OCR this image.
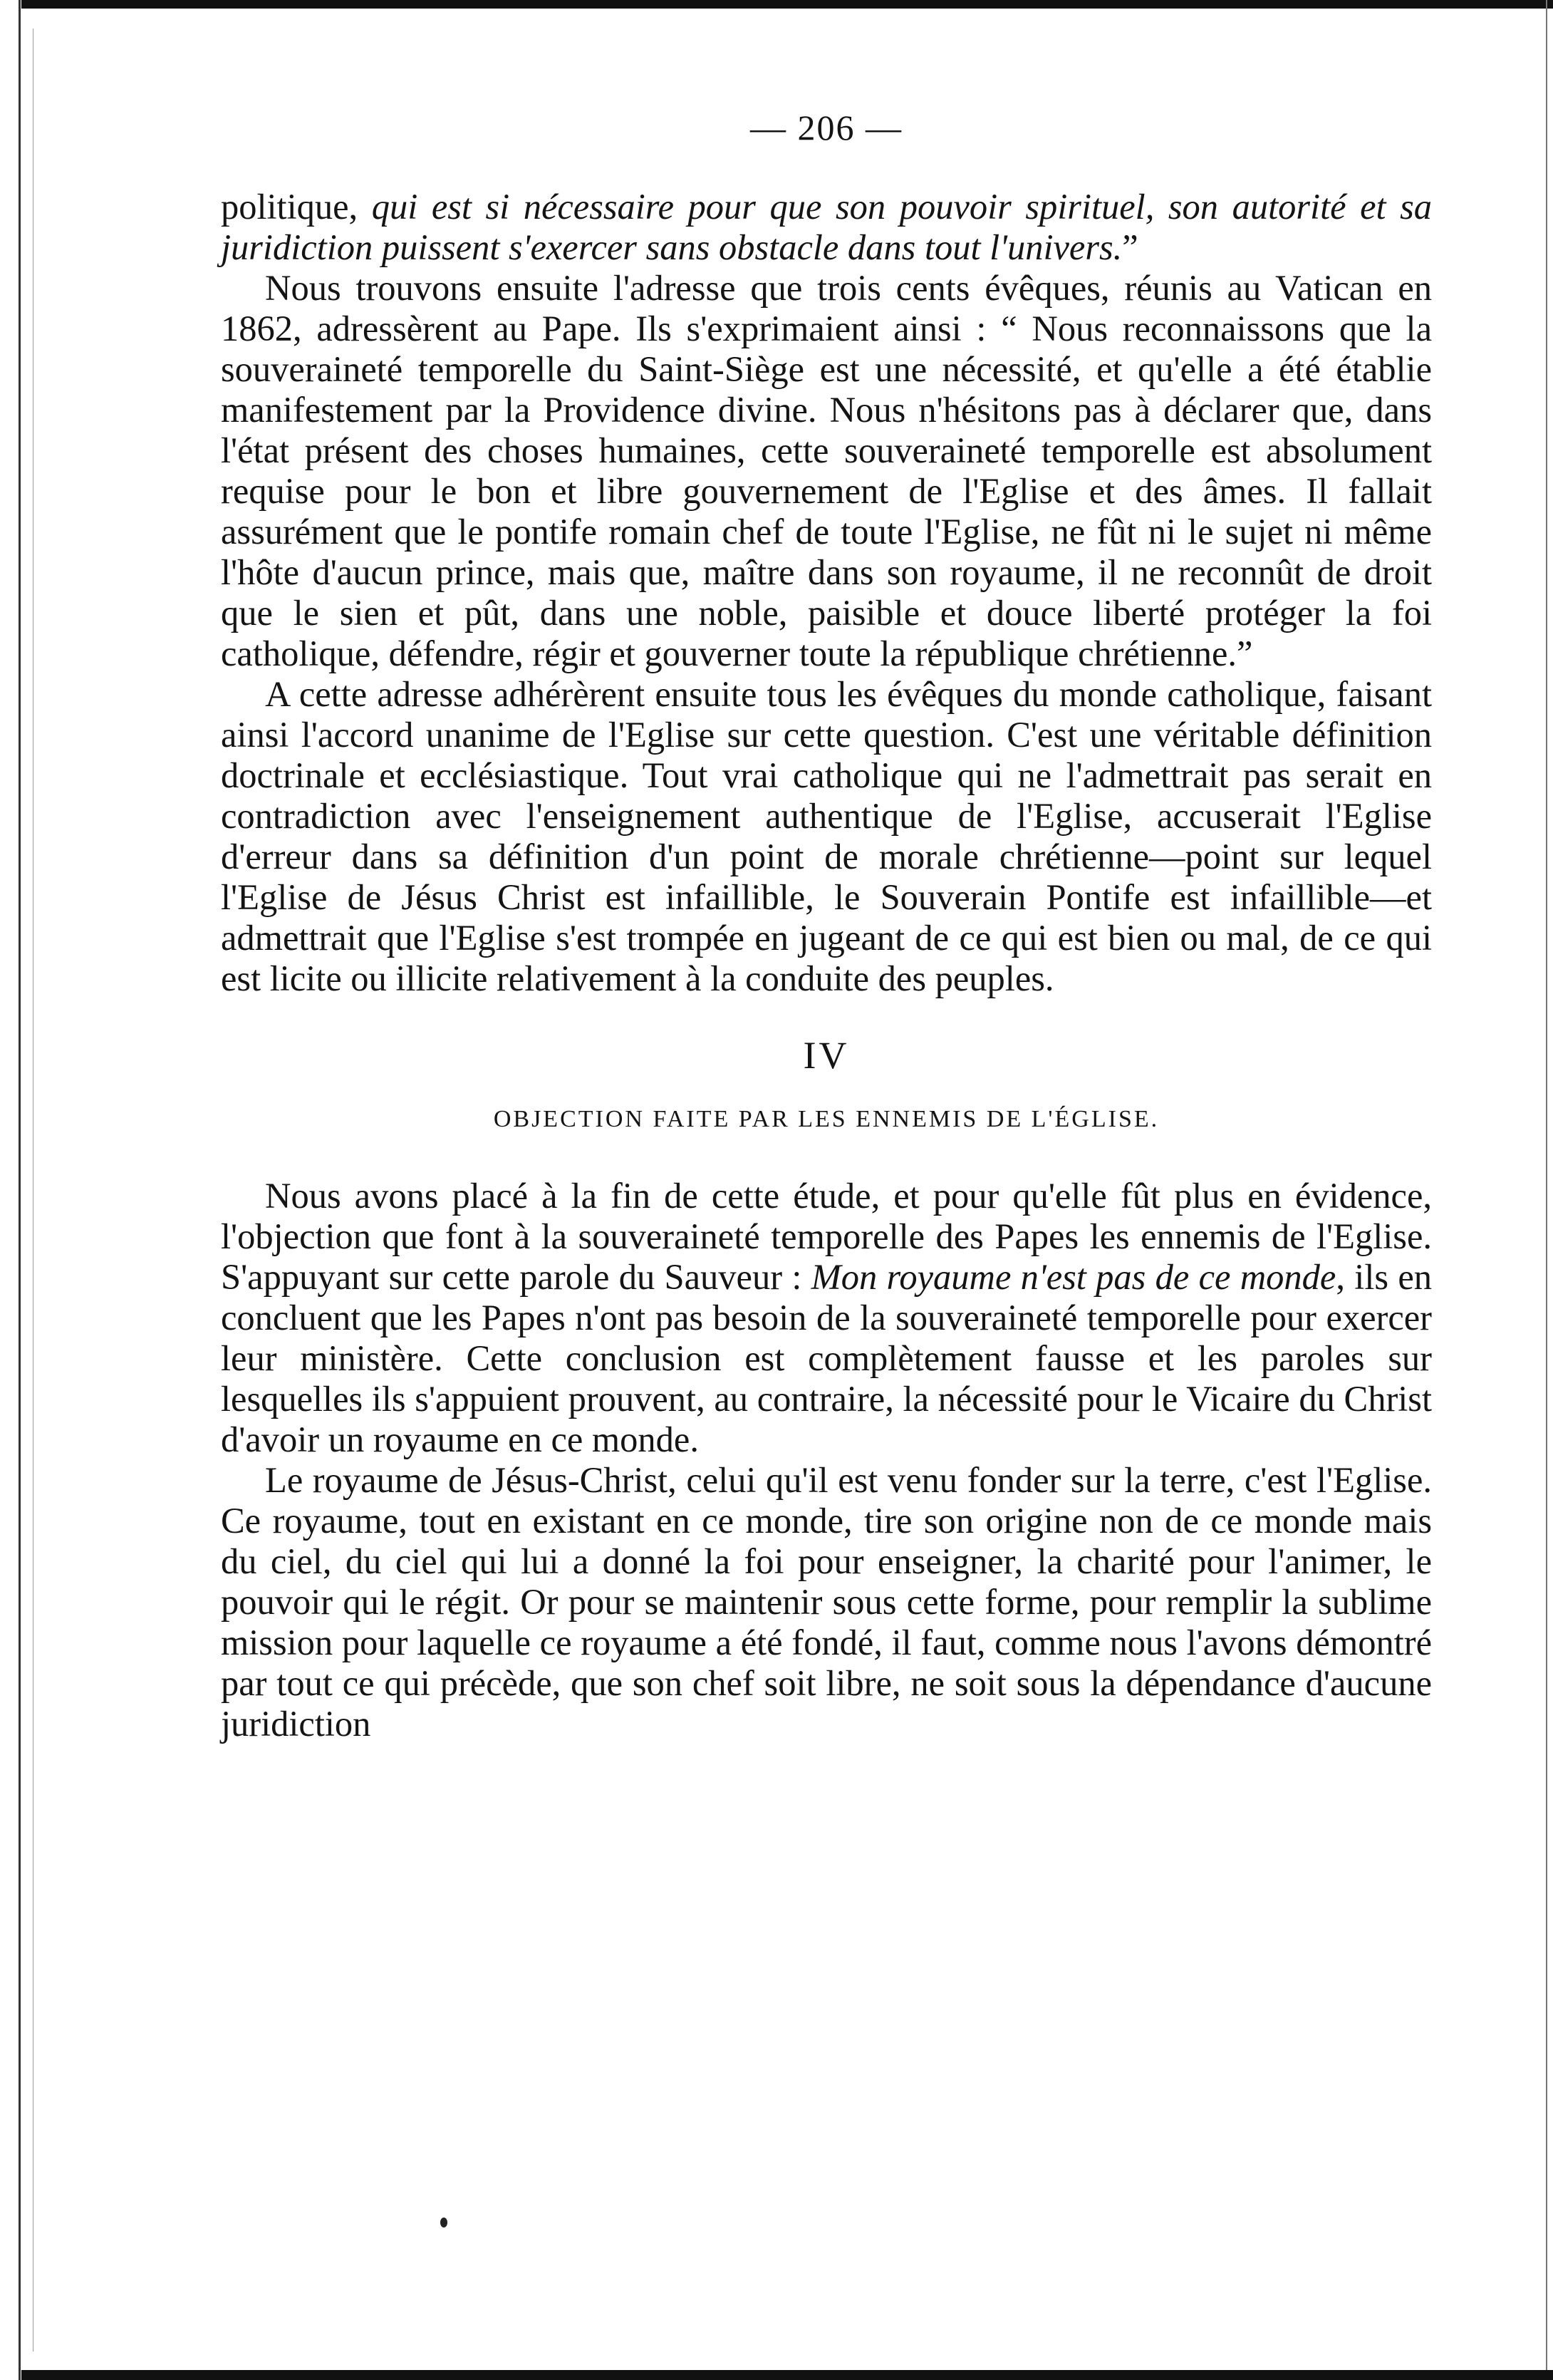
— 206 —

politique, qui est si nécessaire pour que son pouvoir spirituel, son autorité et sa juridiction puissent s'exercer sans obstacle dans tout l'univers.”

Nous trouvons ensuite l'adresse que trois cents évêques, réunis au Vatican en 1862, adressèrent au Pape. Ils s'exprimaient ainsi : “ Nous reconnaissons que la souveraineté temporelle du Saint-Siège est une nécessité, et qu'elle a été établie manifestement par la Providence divine. Nous n'hésitons pas à déclarer que, dans l'état présent des choses humaines, cette souveraineté temporelle est absolument requise pour le bon et libre gouvernement de l'Eglise et des âmes. Il fallait assurément que le pontife romain chef de toute l'Eglise, ne fût ni le sujet ni même l'hôte d'aucun prince, mais que, maître dans son royaume, il ne reconnût de droit que le sien et pût, dans une noble, paisible et douce liberté protéger la foi catholique, défendre, régir et gouverner toute la république chrétienne.”

A cette adresse adhérèrent ensuite tous les évêques du monde catholique, faisant ainsi l'accord unanime de l'Eglise sur cette question. C'est une véritable définition doctrinale et ecclésiastique. Tout vrai catholique qui ne l'admettrait pas serait en contradiction avec l'enseignement authentique de l'Eglise, accuserait l'Eglise d'erreur dans sa définition d'un point de morale chrétienne—point sur lequel l'Eglise de Jésus Christ est infaillible, le Souverain Pontife est infaillible—et admettrait que l'Eglise s'est trompée en jugeant de ce qui est bien ou mal, de ce qui est licite ou illicite relativement à la conduite des peuples.

IV
OBJECTION FAITE PAR LES ENNEMIS DE L'ÉGLISE.

Nous avons placé à la fin de cette étude, et pour qu'elle fût plus en évidence, l'objection que font à la souveraineté temporelle des Papes les ennemis de l'Eglise. S'appuyant sur cette parole du Sauveur : Mon royaume n'est pas de ce monde, ils en concluent que les Papes n'ont pas besoin de la souveraineté temporelle pour exercer leur ministère. Cette conclusion est complètement fausse et les paroles sur lesquelles ils s'appuient prouvent, au contraire, la nécessité pour le Vicaire du Christ d'avoir un royaume en ce monde.

Le royaume de Jésus-Christ, celui qu'il est venu fonder sur la terre, c'est l'Eglise. Ce royaume, tout en existant en ce monde, tire son origine non de ce monde mais du ciel, du ciel qui lui a donné la foi pour enseigner, la charité pour l'animer, le pouvoir qui le régit. Or pour se maintenir sous cette forme, pour remplir la sublime mission pour laquelle ce royaume a été fondé, il faut, comme nous l'avons démontré par tout ce qui précède, que son chef soit libre, ne soit sous la dépendance d'aucune juridiction
